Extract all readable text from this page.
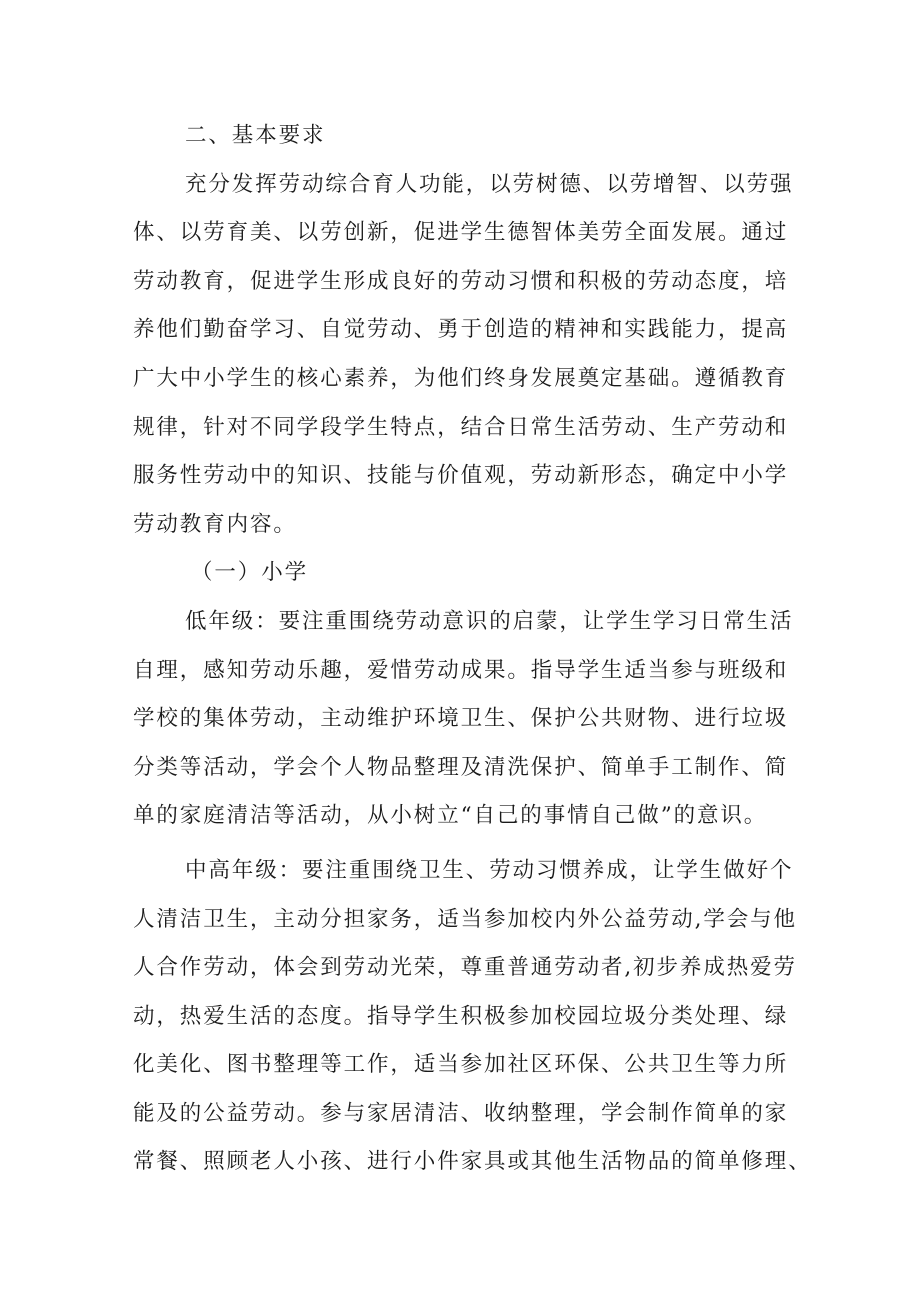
二、基本要求
充分发挥劳动综合育人功能，以劳树德、以劳增智、以劳强
体、以劳育美、以劳创新，促进学生德智体美劳全面发展。通过
劳动教育，促进学生形成良好的劳动习惯和积极的劳动态度，培
养他们勤奋学习、自觉劳动、勇于创造的精神和实践能力，提高
广大中小学生的核心素养，为他们终身发展奠定基础。遵循教育
规律，针对不同学段学生特点，结合日常生活劳动、生产劳动和
服务性劳动中的知识、技能与价值观，劳动新形态，确定中小学
劳动教育内容。
（一）小学
低年级：要注重围绕劳动意识的启蒙，让学生学习日常生活
自理，感知劳动乐趣，爱惜劳动成果。指导学生适当参与班级和
学校的集体劳动，主动维护环境卫生、保护公共财物、进行垃圾
分类等活动，学会个人物品整理及清洗保护、简单手工制作、简
单的家庭清洁等活动，从小树立“自己的事情自己做”的意识。
中高年级：要注重围绕卫生、劳动习惯养成，让学生做好个
人清洁卫生，主动分担家务，适当参加校内外公益劳动,学会与他
人合作劳动，体会到劳动光荣，尊重普通劳动者,初步养成热爱劳
动，热爱生活的态度。指导学生积极参加校园垃圾分类处理、绿
化美化、图书整理等工作，适当参加社区环保、公共卫生等力所
能及的公益劳动。参与家居清洁、收纳整理，学会制作简单的家
常餐、照顾老人小孩、进行小件家具或其他生活物品的简单修理、
